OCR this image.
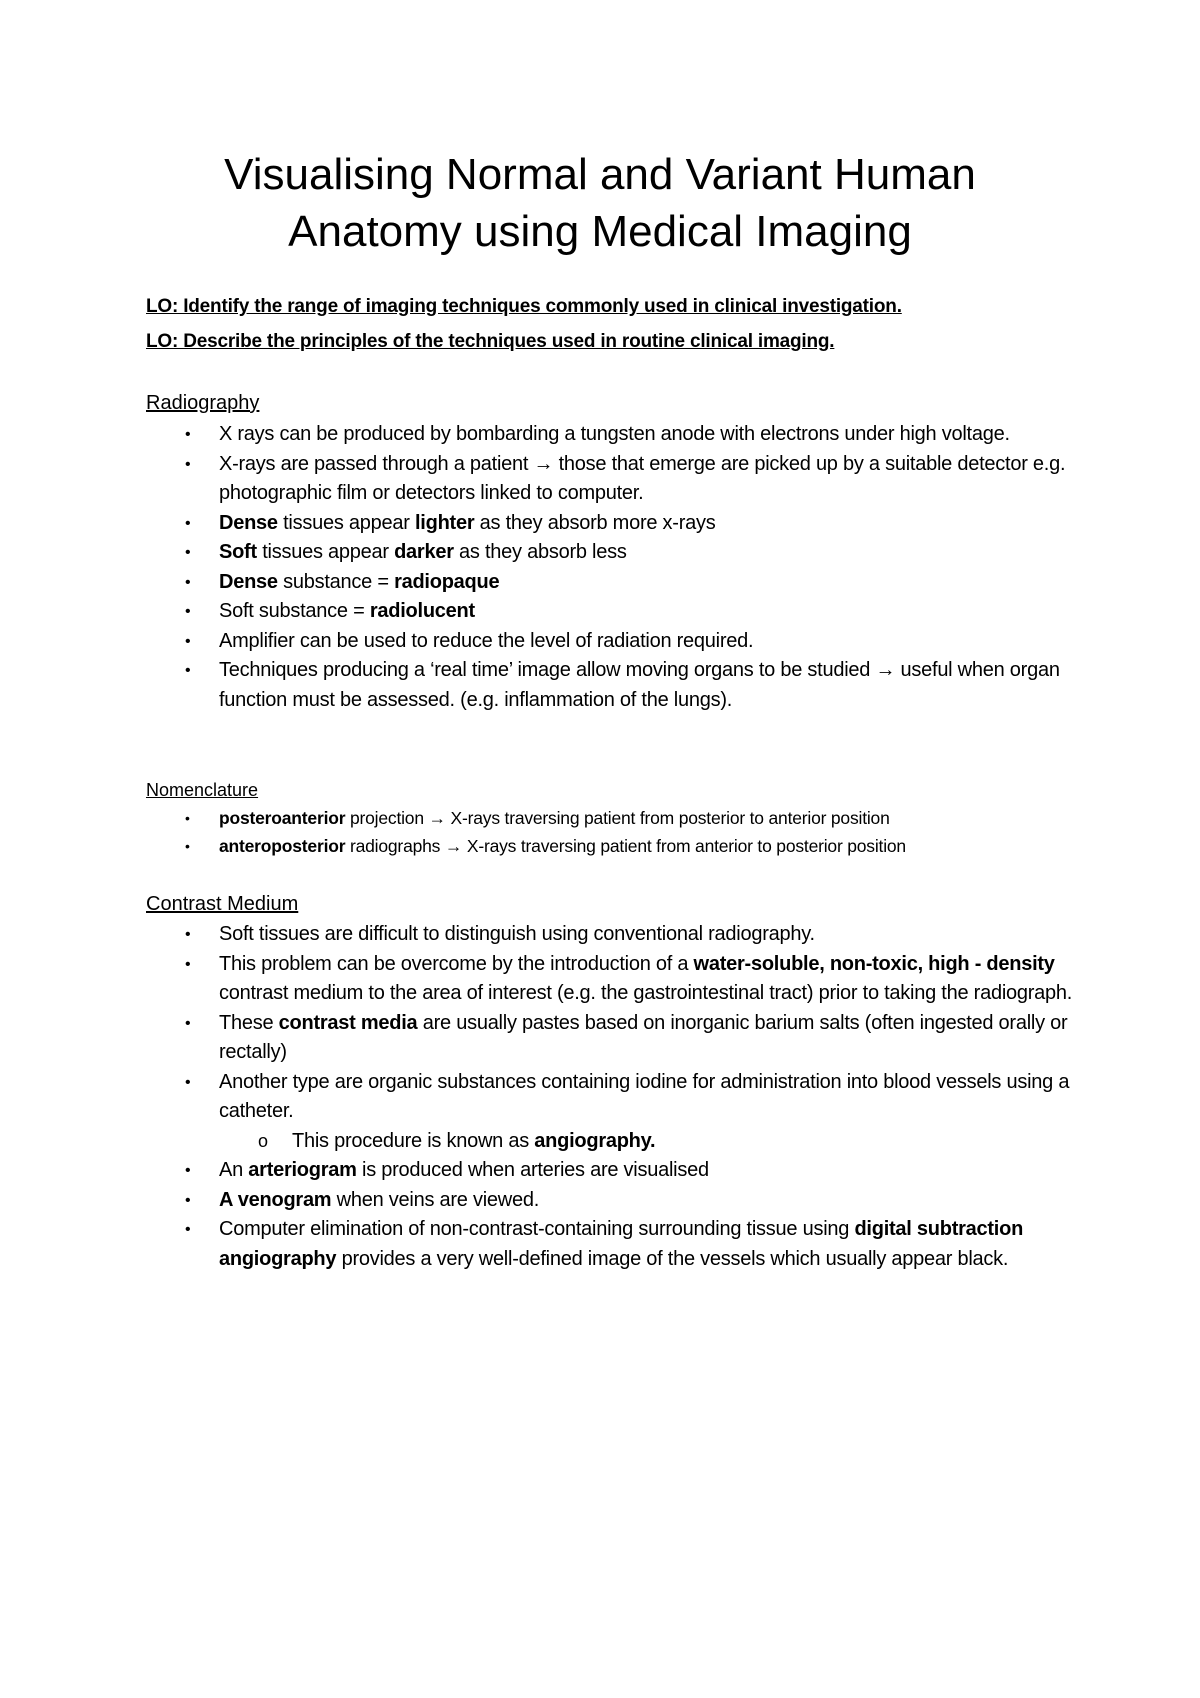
Visualising Normal and Variant Human
Anatomy using Medical Imaging
LO: Identify the range of imaging techniques commonly used in clinical investigation.
LO: Describe the principles of the techniques used in routine clinical imaging.
Radiography
• X rays can be produced by bombarding a tungsten anode with electrons under high voltage.
• X-rays are passed through a patient → those that emerge are picked up by a suitable detector e.g. photographic film or detectors linked to computer.
• Dense tissues appear lighter as they absorb more x-rays
• Soft tissues appear darker as they absorb less
• Dense substance = radiopaque
• Soft substance = radiolucent
• Amplifier can be used to reduce the level of radiation required.
• Techniques producing a ‘real time’ image allow moving organs to be studied → useful when organ function must be assessed. (e.g. inflammation of the lungs).
Nomenclature
• posteroanterior projection → X-rays traversing patient from posterior to anterior position
• anteroposterior radiographs → X-rays traversing patient from anterior to posterior position
Contrast Medium
• Soft tissues are difficult to distinguish using conventional radiography.
• This problem can be overcome by the introduction of a water-soluble, non-toxic, high - density contrast medium to the area of interest (e.g. the gastrointestinal tract) prior to taking the radiograph.
• These contrast media are usually pastes based on inorganic barium salts (often ingested orally or rectally)
• Another type are organic substances containing iodine for administration into blood vessels using a catheter.
o This procedure is known as angiography.
• An arteriogram is produced when arteries are visualised
• A venogram when veins are viewed.
• Computer elimination of non-contrast-containing surrounding tissue using digital subtraction angiography provides a very well-defined image of the vessels which usually appear black.
